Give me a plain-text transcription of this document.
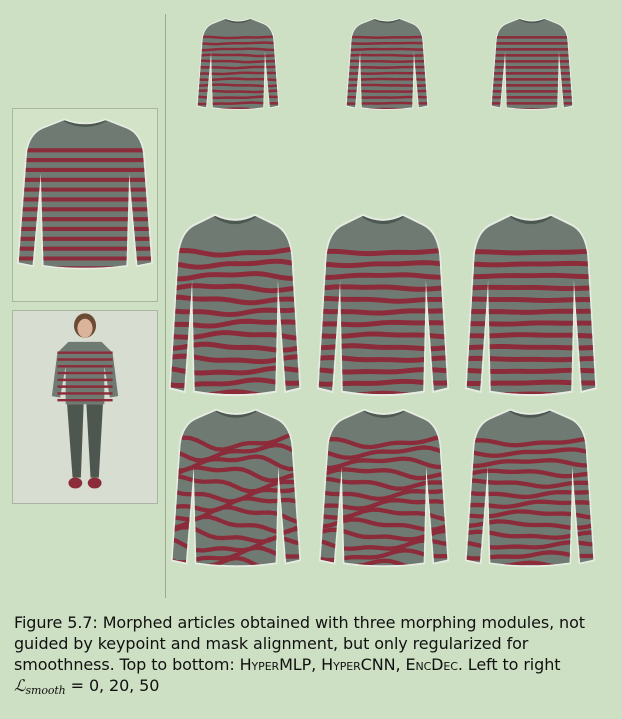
Figure 5.7: Morphed articles obtained with three morphing modules, not guided by keypoint and mask alignment, but only regularized for smoothness. Top to bottom: HyperMLP, HyperCNN, EncDec. Left to right ℒ$_{smooth}$ = 0, 20, 50
